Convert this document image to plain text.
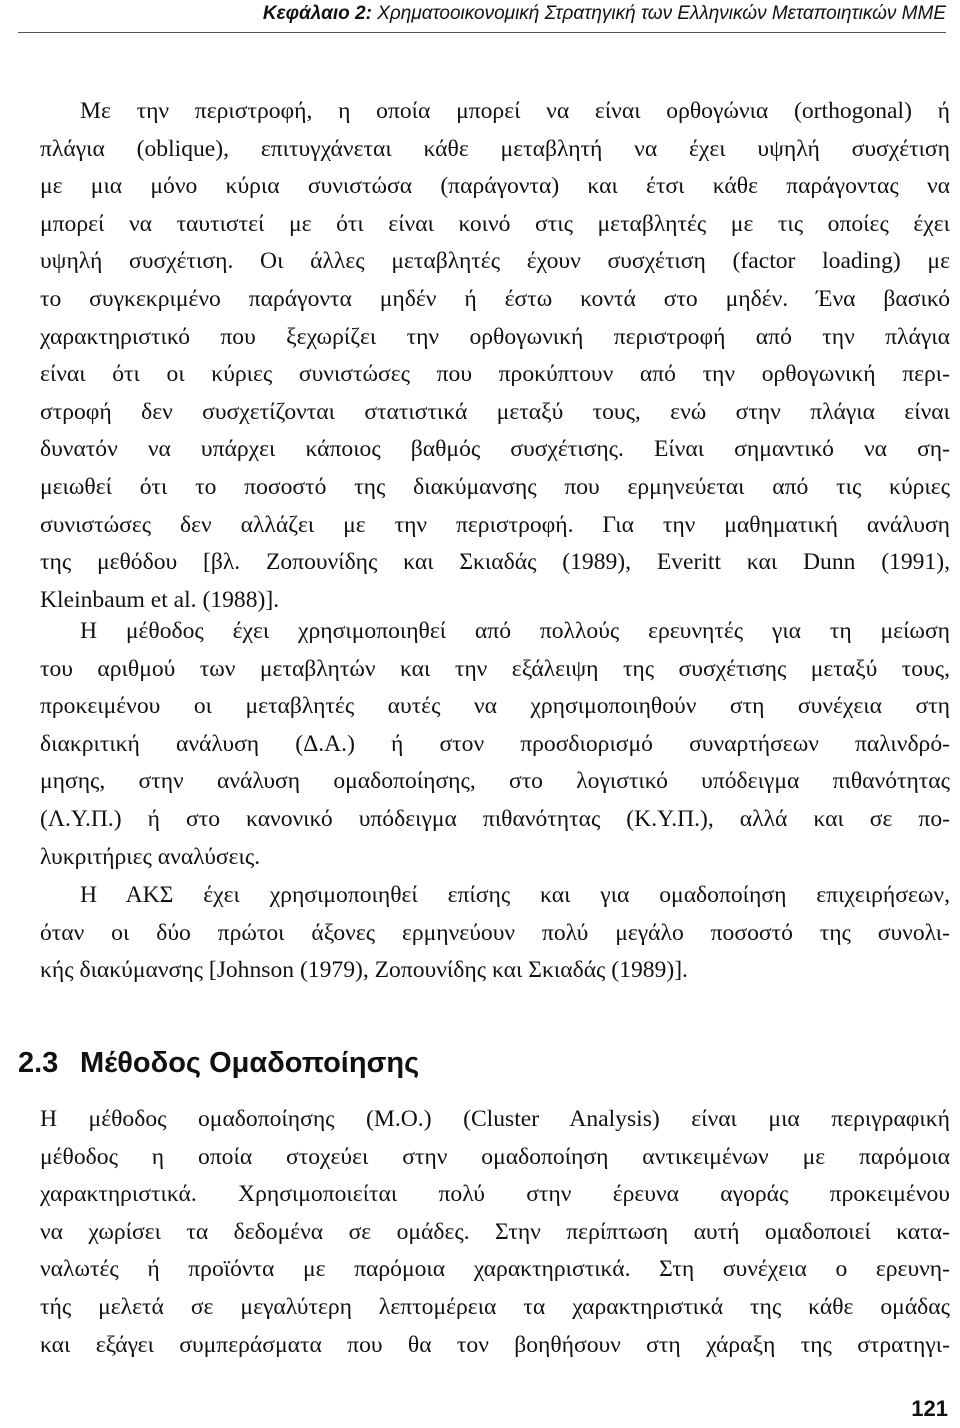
Κεφάλαιο 2: Χρηματοοικονομική Στρατηγική των Ελληνικών Μεταποιητικών ΜΜΕ
Με την περιστροφή, η οποία μπορεί να είναι ορθογώνια (orthogonal) ή
πλάγια (oblique), επιτυγχάνεται κάθε μεταβλητή να έχει υψηλή συσχέτιση
με μια μόνο κύρια συνιστώσα (παράγοντα) και έτσι κάθε παράγοντας να
μπορεί να ταυτιστεί με ότι είναι κοινό στις μεταβλητές με τις οποίες έχει
υψηλή συσχέτιση. Οι άλλες μεταβλητές έχουν συσχέτιση (factor loading) με
το συγκεκριμένο παράγοντα μηδέν ή έστω κοντά στο μηδέν. Ένα βασικό
χαρακτηριστικό που ξεχωρίζει την ορθογωνική περιστροφή από την πλάγια
είναι ότι οι κύριες συνιστώσες που προκύπτουν από την ορθογωνική περι-
στροφή δεν συσχετίζονται στατιστικά μεταξύ τους, ενώ στην πλάγια είναι
δυνατόν να υπάρχει κάποιος βαθμός συσχέτισης. Είναι σημαντικό να ση-
μειωθεί ότι το ποσοστό της διακύμανσης που ερμηνεύεται από τις κύριες
συνιστώσες δεν αλλάζει με την περιστροφή. Για την μαθηματική ανάλυση
της μεθόδου [βλ. Ζοπουνίδης και Σκιαδάς (1989), Everitt και Dunn (1991),
Kleinbaum et al. (1988)].
Η μέθοδος έχει χρησιμοποιηθεί από πολλούς ερευνητές για τη μείωση
του αριθμού των μεταβλητών και την εξάλειψη της συσχέτισης μεταξύ τους,
προκειμένου οι μεταβλητές αυτές να χρησιμοποιηθούν στη συνέχεια στη
διακριτική ανάλυση (Δ.Α.) ή στον προσδιορισμό συναρτήσεων παλινδρό-
μησης, στην ανάλυση ομαδοποίησης, στο λογιστικό υπόδειγμα πιθανότητας
(Λ.Υ.Π.) ή στο κανονικό υπόδειγμα πιθανότητας (Κ.Υ.Π.), αλλά και σε πο-
λυκριτήριες αναλύσεις.
Η ΑΚΣ έχει χρησιμοποιηθεί επίσης και για ομαδοποίηση επιχειρήσεων,
όταν οι δύο πρώτοι άξονες ερμηνεύουν πολύ μεγάλο ποσοστό της συνολι-
κής διακύμανσης [Johnson (1979), Ζοπουνίδης και Σκιαδάς (1989)].
2.3 Μέθοδος Ομαδοποίησης
Η μέθοδος ομαδοποίησης (Μ.Ο.) (Cluster Analysis) είναι μια περιγραφική
μέθοδος η οποία στοχεύει στην ομαδοποίηση αντικειμένων με παρόμοια
χαρακτηριστικά. Χρησιμοποιείται πολύ στην έρευνα αγοράς προκειμένου
να χωρίσει τα δεδομένα σε ομάδες. Στην περίπτωση αυτή ομαδοποιεί κατα-
ναλωτές ή προϊόντα με παρόμοια χαρακτηριστικά. Στη συνέχεια ο ερευνη-
τής μελετά σε μεγαλύτερη λεπτομέρεια τα χαρακτηριστικά της κάθε ομάδας
και εξάγει συμπεράσματα που θα τον βοηθήσουν στη χάραξη της στρατηγι-
121
